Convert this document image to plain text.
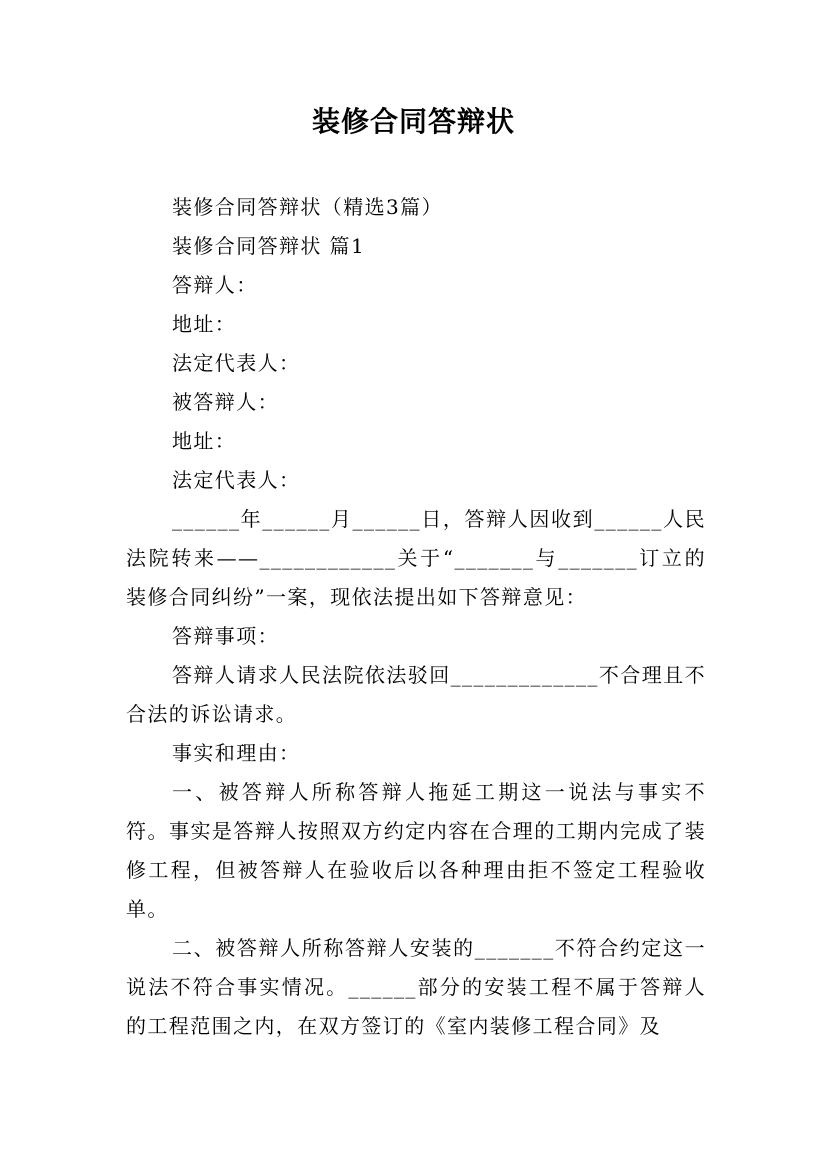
装修合同答辩状

装修合同答辩状（精选3篇）

装修合同答辩状 篇1

答辩人：

地址：

法定代表人：

被答辩人：

地址：

法定代表人：

______年______月______日，答辩人因收到______人民法院转来——____________关于“_______与_______订立的装修合同纠纷”一案，现依法提出如下答辩意见：

答辩事项：

答辩人请求人民法院依法驳回_____________不合理且不合法的诉讼请求。

事实和理由：

一、被答辩人所称答辩人拖延工期这一说法与事实不符。事实是答辩人按照双方约定内容在合理的工期内完成了装修工程，但被答辩人在验收后以各种理由拒不签定工程验收单。

二、被答辩人所称答辩人安装的_______不符合约定这一说法不符合事实情况。______部分的安装工程不属于答辩人的工程范围之内，在双方签订的《室内装修工程合同》及
